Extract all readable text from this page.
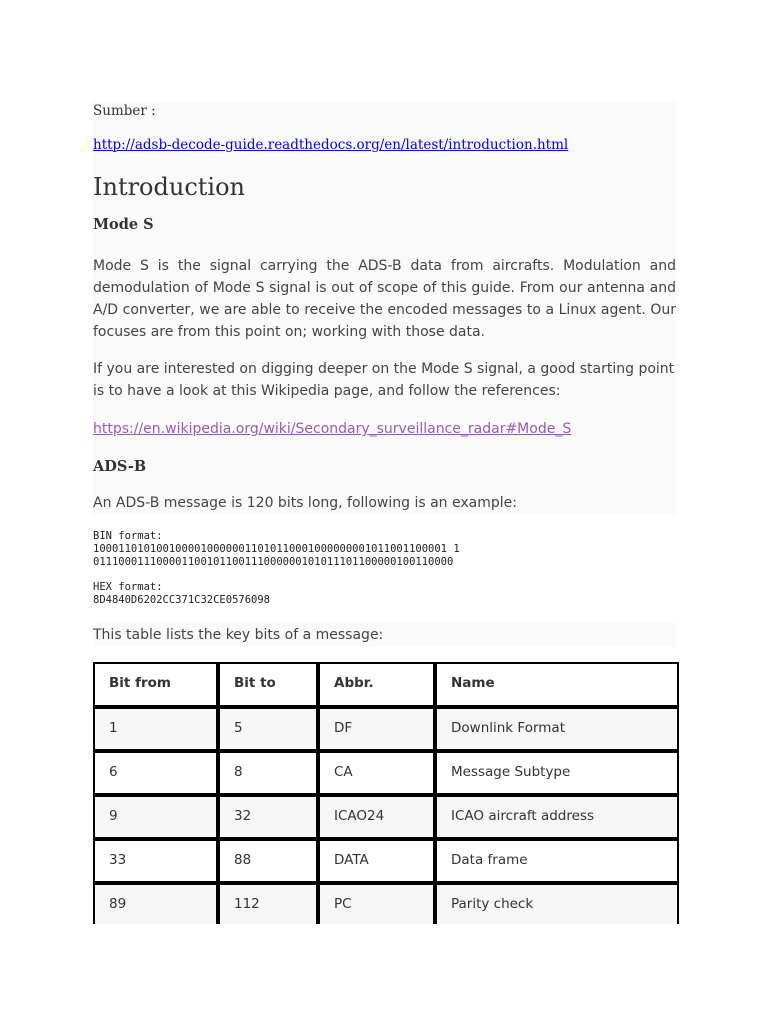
Sumber :
http://adsb-decode-guide.readthedocs.org/en/latest/introduction.html
Introduction
Mode S
Mode S is the signal carrying the ADS-B data from aircrafts. Modulation and demodulation of Mode S signal is out of scope of this guide. From our antenna and A/D converter, we are able to receive the encoded messages to a Linux agent. Our focuses are from this point on; working with those data.
If you are interested on digging deeper on the Mode S signal, a good starting point is to have a look at this Wikipedia page, and follow the references:
https://en.wikipedia.org/wiki/Secondary_surveillance_radar#Mode_S
ADS-B
An ADS-B message is 120 bits long, following is an example:
BIN format:
10001101010010000100000011010110001000000001011001100001 1
011100011100001100101100111000000101011101100000100110000
HEX format:
8D4840D6202CC371C32CE0576098
This table lists the key bits of a message:
Bit from	Bit to	Abbr.	Name
1	5	DF	Downlink Format
6	8	CA	Message Subtype
9	32	ICAO24	ICAO aircraft address
33	88	DATA	Data frame
89	112	PC	Parity check
